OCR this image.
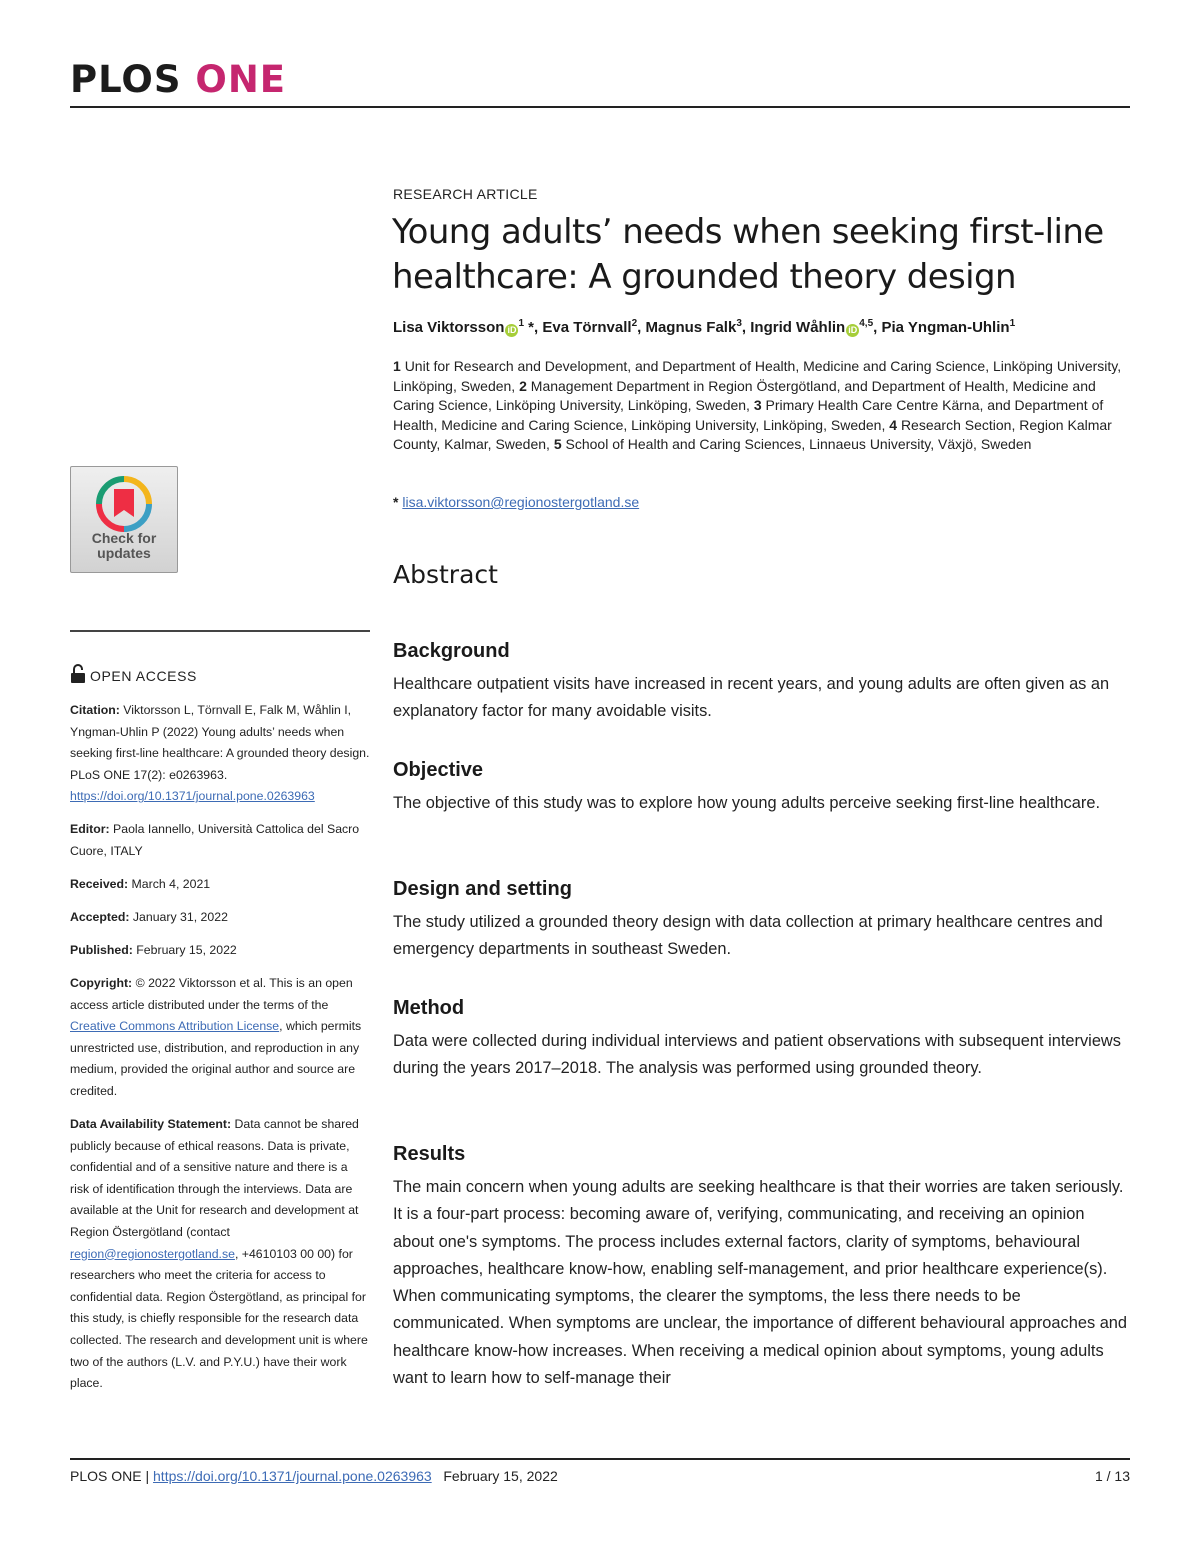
PLOS ONE
RESEARCH ARTICLE
Young adults’ needs when seeking first-line healthcare: A grounded theory design
Lisa Viktorsson $iD^1$ *, Eva Törnvall$^2$, Magnus Falk$^3$, Ingrid Wåhlin iD$^{4,5}$, Pia Yngman-Uhlin$^1$
1 Unit for Research and Development, and Department of Health, Medicine and Caring Science, Linköping University, Linköping, Sweden, 2 Management Department in Region Östergötland, and Department of Health, Medicine and Caring Science, Linköping University, Linköping, Sweden, 3 Primary Health Care Centre Kärna, and Department of Health, Medicine and Caring Science, Linköping University, Linköping, Sweden, 4 Research Section, Region Kalmar County, Kalmar, Sweden, 5 School of Health and Caring Sciences, Linnaeus University, Växjö, Sweden
* lisa.viktorsson@regionostergotland.se
Abstract
Background

Healthcare outpatient visits have increased in recent years, and young adults are often given as an explanatory factor for many avoidable visits.

Objective

The objective of this study was to explore how young adults perceive seeking first-line healthcare.

Design and setting

The study utilized a grounded theory design with data collection at primary healthcare centres and emergency departments in southeast Sweden.

Method

Data were collected during individual interviews and patient observations with subsequent interviews during the years 2017–2018. The analysis was performed using grounded theory.

Results

The main concern when young adults are seeking healthcare is that their worries are taken seriously. It is a four-part process: becoming aware of, verifying, communicating, and receiving an opinion about one's symptoms. The process includes external factors, clarity of symptoms, behavioural approaches, healthcare know-how, enabling self-management, and prior healthcare experience(s). When communicating symptoms, the clearer the symptoms, the less there needs to be communicated. When symptoms are unclear, the importance of different behavioural approaches and healthcare know-how increases. When receiving a medical opinion about symptoms, young adults want to learn how to self-manage their

Check for
updates
OPEN ACCESS
Citation: Viktorsson L, Törnvall E, Falk M, Wåhlin I, Yngman-Uhlin P (2022) Young adults’ needs when seeking first-line healthcare: A grounded theory design. PLoS ONE 17(2): e0263963. https://doi.org/10.1371/journal.pone.0263963
Editor: Paola Iannello, Università Cattolica del Sacro Cuore, ITALY
Received: March 4, 2021
Accepted: January 31, 2022
Published: February 15, 2022
Copyright: © 2022 Viktorsson et al. This is an open access article distributed under the terms of the Creative Commons Attribution License, which permits unrestricted use, distribution, and reproduction in any medium, provided the original author and source are credited.
Data Availability Statement: Data cannot be shared publicly because of ethical reasons. Data is private, confidential and of a sensitive nature and there is a risk of identification through the interviews. Data are available at the Unit for research and development at Region Östergötland (contact region@regionostergotland.se, +4610103 00 00) for researchers who meet the criteria for access to confidential data. Region Östergötland, as principal for this study, is chiefly responsible for the research data collected. The research and development unit is where two of the authors (L.V. and P.Y.U.) have their work place.
PLOS ONE | https://doi.org/10.1371/journal.pone.0263963 February 15, 2022	1 / 13
